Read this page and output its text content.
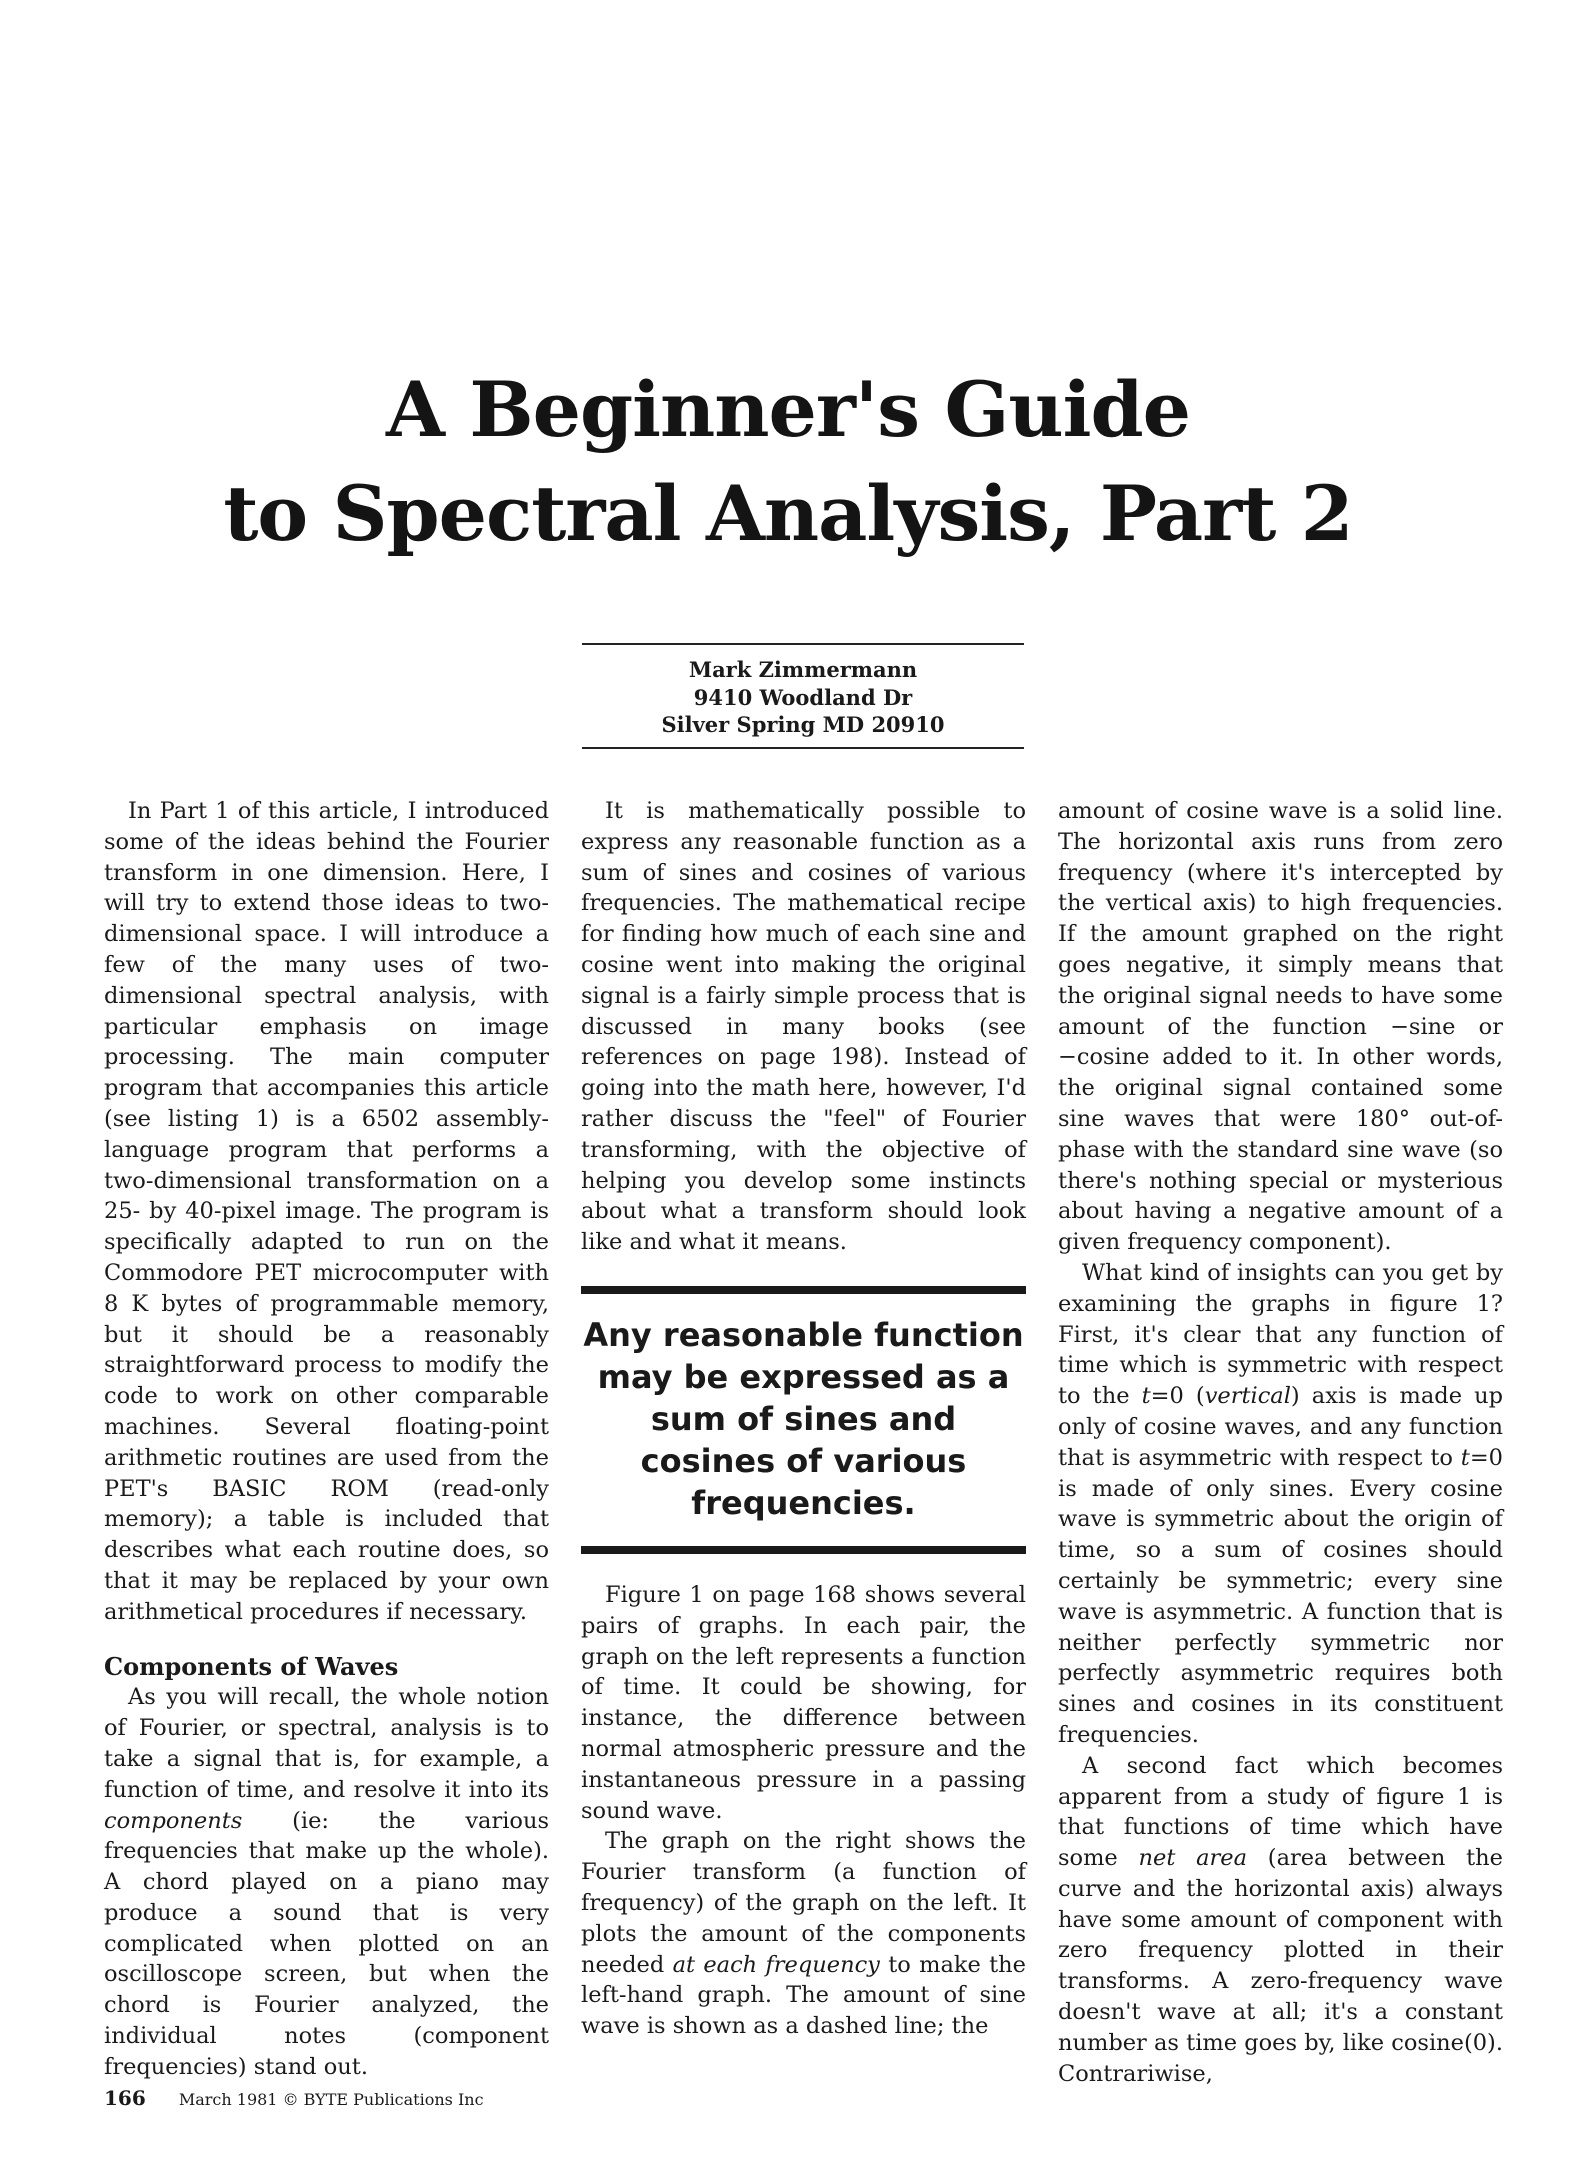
A Beginner's Guide
to Spectral Analysis, Part 2
Mark Zimmermann
9410 Woodland Dr
Silver Spring MD 20910

In Part 1 of this article, I introduced some of the ideas behind the Fourier transform in one dimension. Here, I will try to extend those ideas to two-dimensional space. I will introduce a few of the many uses of two-dimensional spectral analysis, with particular emphasis on image processing. The main computer program that accompanies this article (see listing 1) is a 6502 assembly-language program that performs a two-dimensional transformation on a 25- by 40-pixel image. The program is specifically adapted to run on the Commodore PET microcomputer with 8 K bytes of programmable memory, but it should be a reasonably straightforward process to modify the code to work on other comparable machines. Several floating-point arithmetic routines are used from the PET's BASIC ROM (read-only memory); a table is included that describes what each routine does, so that it may be replaced by your own arithmetical procedures if necessary.

Components of Waves

As you will recall, the whole notion of Fourier, or spectral, analysis is to take a signal that is, for example, a function of time, and resolve it into its components (ie: the various frequencies that make up the whole). A chord played on a piano may produce a sound that is very complicated when plotted on an oscilloscope screen, but when the chord is Fourier analyzed, the individual notes (component frequencies) stand out.

It is mathematically possible to express any reasonable function as a sum of sines and cosines of various frequencies. The mathematical recipe for finding how much of each sine and cosine went into making the original signal is a fairly simple process that is discussed in many books (see references on page 198). Instead of going into the math here, however, I'd rather discuss the "feel" of Fourier transforming, with the objective of helping you develop some instincts about what a transform should look like and what it means.

Any reasonable function may be expressed as a sum of sines and cosines of various frequencies.

Figure 1 on page 168 shows several pairs of graphs. In each pair, the graph on the left represents a function of time. It could be showing, for instance, the difference between normal atmospheric pressure and the instantaneous pressure in a passing sound wave.

The graph on the right shows the Fourier transform (a function of frequency) of the graph on the left. It plots the amount of the components needed at each frequency to make the left-hand graph. The amount of sine wave is shown as a dashed line; the

amount of cosine wave is a solid line. The horizontal axis runs from zero frequency (where it's intercepted by the vertical axis) to high frequencies. If the amount graphed on the right goes negative, it simply means that the original signal needs to have some amount of the function −sine or −cosine added to it. In other words, the original signal contained some sine waves that were 180° out-of-phase with the standard sine wave (so there's nothing special or mysterious about having a negative amount of a given frequency component).

What kind of insights can you get by examining the graphs in figure 1? First, it's clear that any function of time which is symmetric with respect to the t=0 (vertical) axis is made up only of cosine waves, and any function that is asymmetric with respect to t=0 is made of only sines. Every cosine wave is symmetric about the origin of time, so a sum of cosines should certainly be symmetric; every sine wave is asymmetric. A function that is neither perfectly symmetric nor perfectly asymmetric requires both sines and cosines in its constituent frequencies.

A second fact which becomes apparent from a study of figure 1 is that functions of time which have some net area (area between the curve and the horizontal axis) always have some amount of component with zero frequency plotted in their transforms. A zero-frequency wave doesn't wave at all; it's a constant number as time goes by, like cosine(0). Contrariwise,

166 March 1981 © BYTE Publications Inc
